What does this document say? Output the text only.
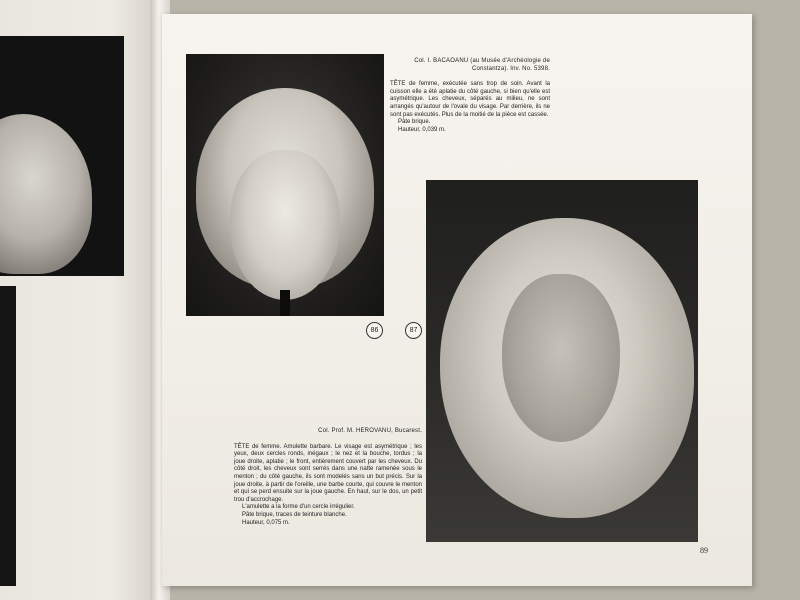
86	87

Col. I. BACAOANU (au Musée d'Archéologie de Constantza). Inv. No. 5398.

TÊTE de femme, exécutée sans trop de soin. Avant la cuisson elle a été aplatie du côté gauche, si bien qu'elle est asymétrique. Les cheveux, séparés au milieu, ne sont arrangés qu'autour de l'ovale du visage. Par derrière, ils ne sont pas exécutés. Plus de la moitié de la pièce est cassée.

Pâte brique.

Hauteur, 0,039 m.

Col. Prof. M. HEROVANU, Bucarest.

TÊTE de femme. Amulette barbare. Le visage est asymétrique ; les yeux, deux cercles ronds, inégaux ; le nez et la bouche, tordus ; la joue droite, aplatie ; le front, entièrement couvert par les cheveux. Du côté droit, les cheveux sont serrés dans une natte ramenée sous le menton ; du côté gauche, ils sont modelés sans un but précis. Sur la joue droite, à partir de l'oreille, une barbe courte, qui couvre le menton et qui se perd ensuite sur la joue gauche. En haut, sur le dos, un petit trou d'accrochage.

L'amulette a la forme d'un cercle irrégulier.

Pâte brique, traces de teinture blanche.

Hauteur, 0,075 m.

89
